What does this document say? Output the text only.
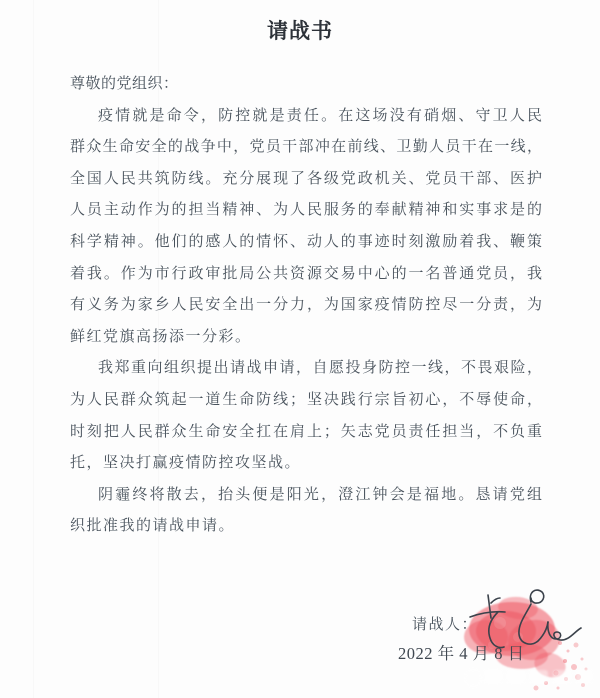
请战书
尊敬的党组织：
疫情就是命令，防控就是责任。在这场没有硝烟、守卫人民
群众生命安全的战争中，党员干部冲在前线、卫勤人员干在一线，
全国人民共筑防线。充分展现了各级党政机关、党员干部、医护
人员主动作为的担当精神、为人民服务的奉献精神和实事求是的
科学精神。他们的感人的情怀、动人的事迹时刻激励着我、鞭策
着我。作为市行政审批局公共资源交易中心的一名普通党员，我
有义务为家乡人民安全出一分力，为国家疫情防控尽一分责，为
鲜红党旗高扬添一分彩。
我郑重向组织提出请战申请，自愿投身防控一线，不畏艰险，
为人民群众筑起一道生命防线；坚决践行宗旨初心，不辱使命，
时刻把人民群众生命安全扛在肩上；矢志党员责任担当，不负重
托，坚决打赢疫情防控攻坚战。
阴霾终将散去，抬头便是阳光，澄江钟会是福地。恳请党组
织批准我的请战申请。
请战人：
2022 年 4 月 8 日
